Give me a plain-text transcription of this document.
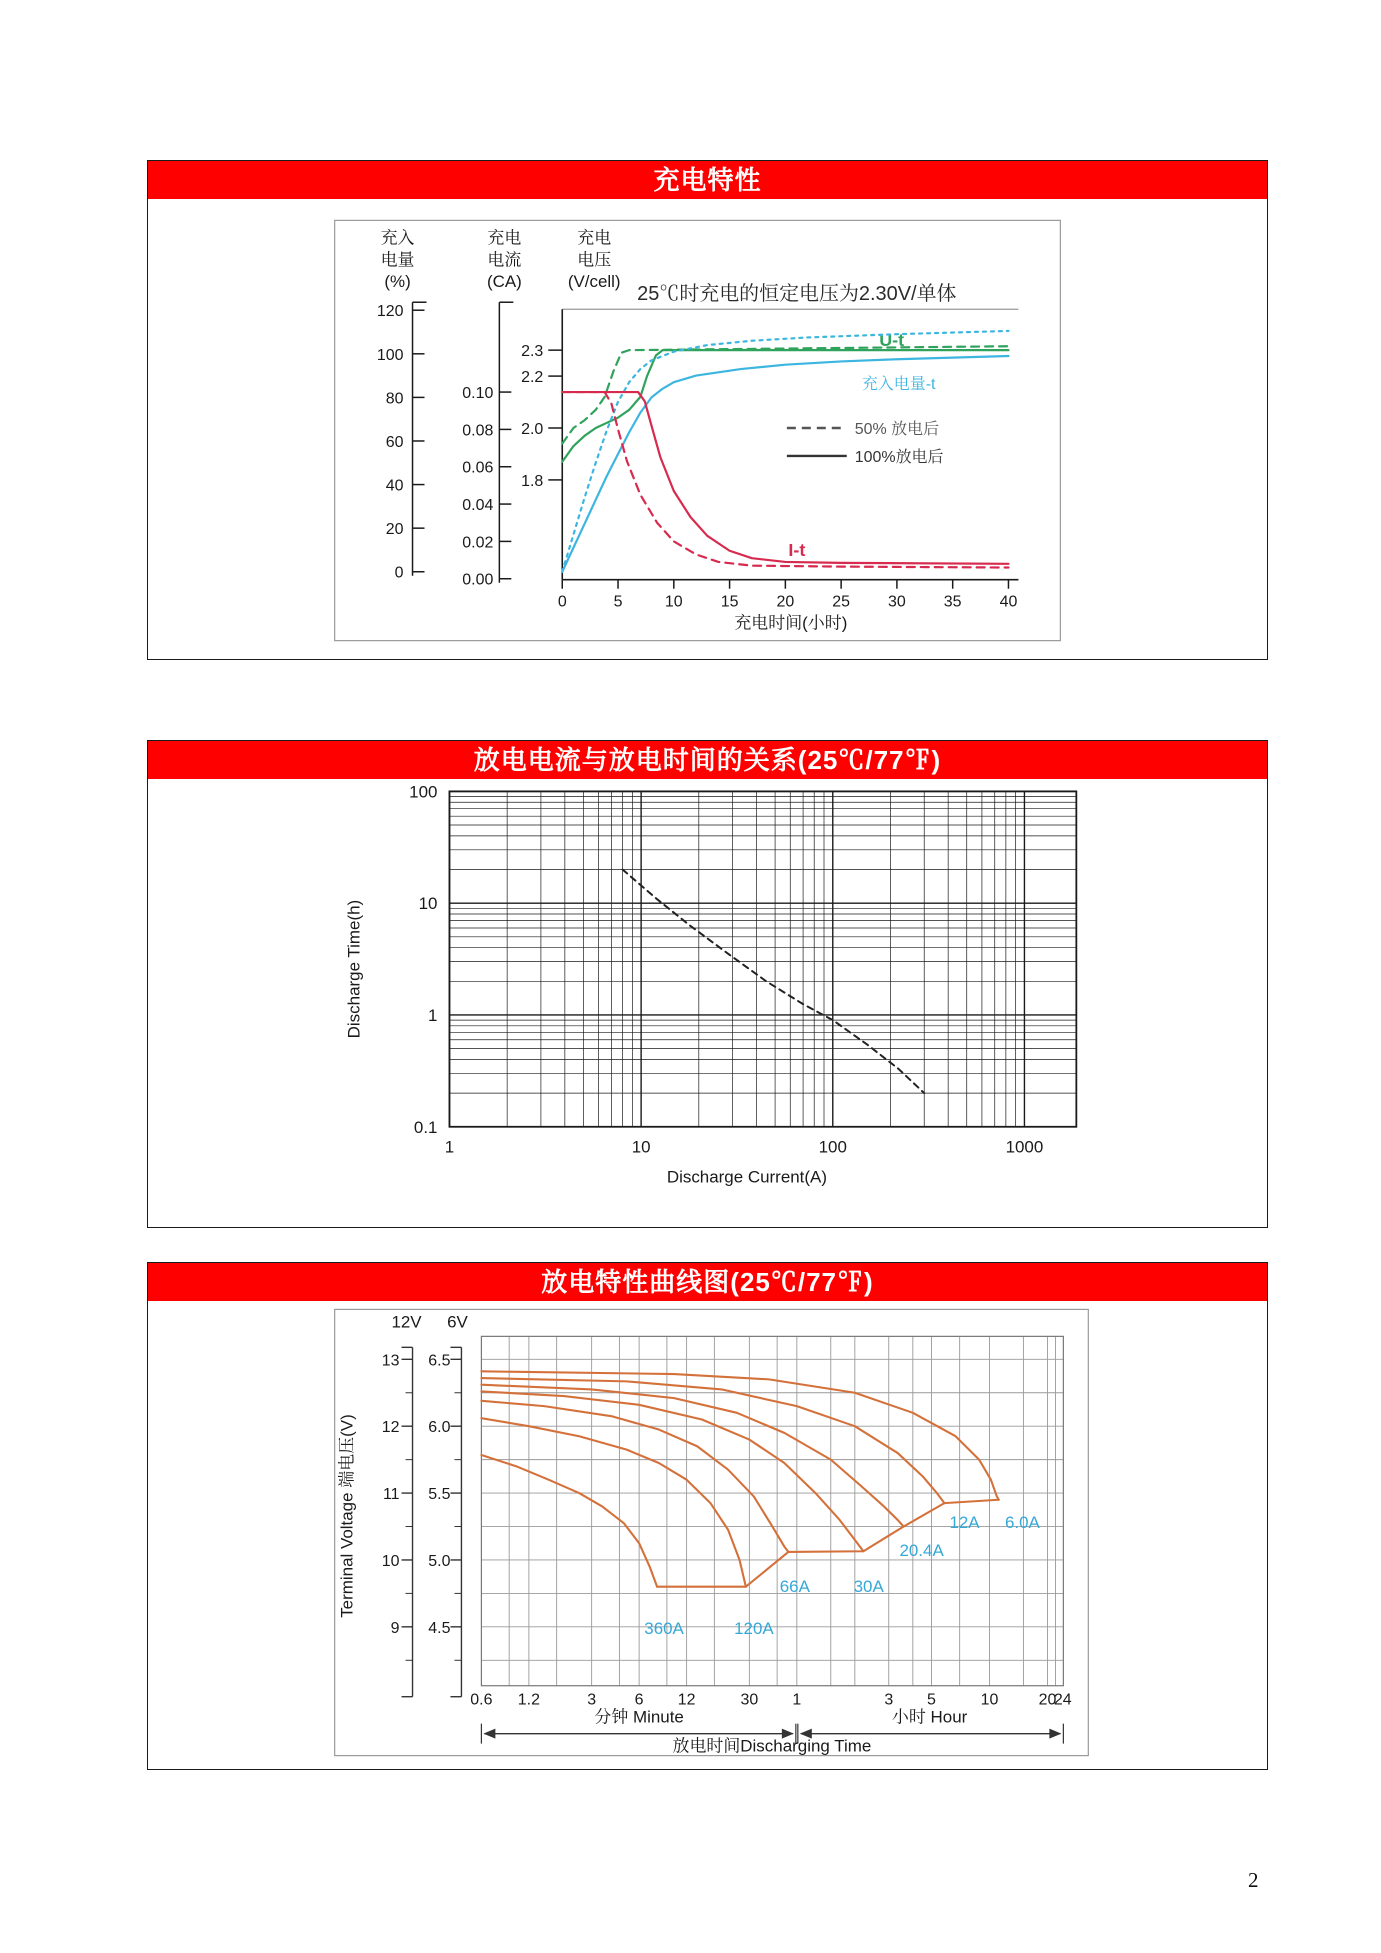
充电特性
充入
电量
(%)
充电
电流
(CA)
充电
电压
(V/cell)
120
100
80
60
40
20
0
0.10
0.08
0.06
0.04
0.02
0.00
2.3
2.2
2.0
1.8
0	5	10 15 20 25 30 35 40
充电时间(小时)
25℃时充电的恒定电压为2.30V/单体
50% 放电后
100%放电后
U-t
充入电量-t
I-t
放电电流与放电时间的关系(25℃/77℉)
100
10
1
0.1
1	10	100	1000
Discharge Time(h)
Discharge Current(A)
放电特性曲线图(25℃/77℉)
12V
13
12
11
10
9
6V
6.5
6.0
5.5
5.0
4.5
Terminal Voltage 端电压(V)
0.6 1.2	3 6 12	30 1	3 5	10	20
24
分钟 Minute	小时 Hour
放电时间Discharging Time
360A	120A
66A	30A
20.4A
12A 6.0A
2
